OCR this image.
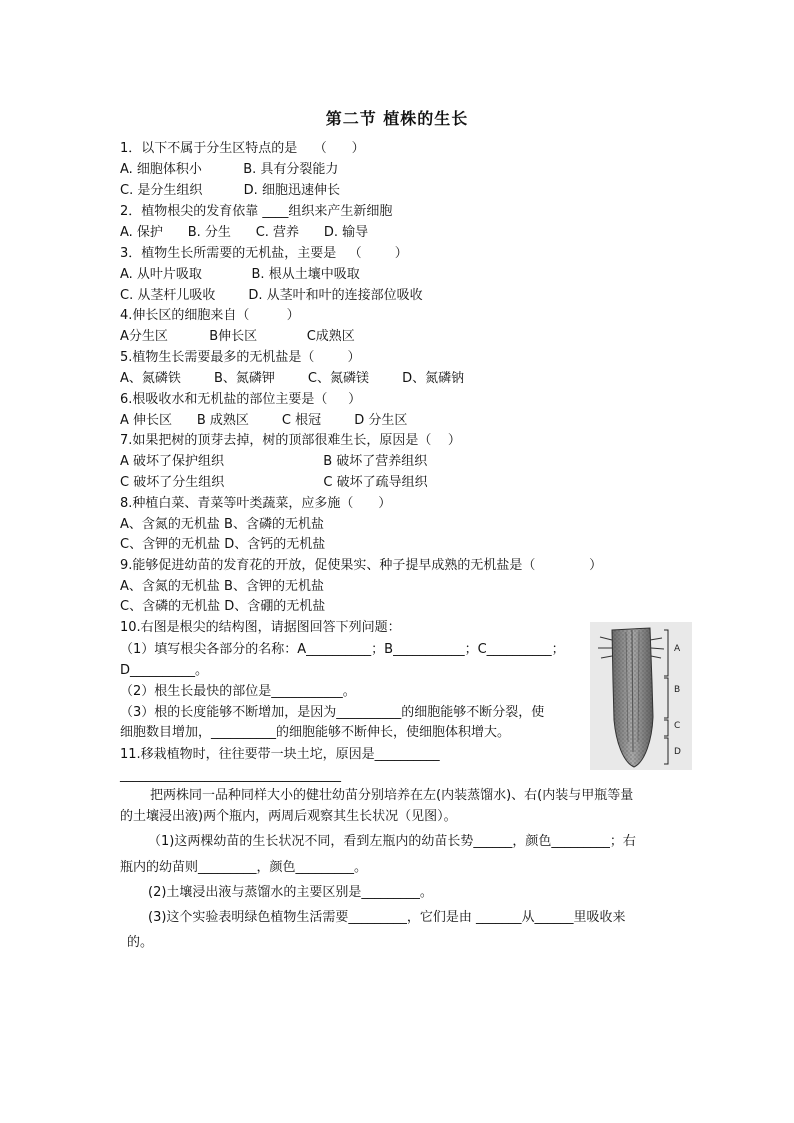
第二节 植株的生长
1．以下不属于分生区特点的是    （      ）
A. 细胞体积小          B. 具有分裂能力
C. 是分生组织          D. 细胞迅速伸长
2．植物根尖的发育依靠 ____组织来产生新细胞
A. 保护      B. 分生      C. 营养      D. 输导
3．植物生长所需要的无机盐，主要是   （        ）
A. 从叶片吸取            B. 根从土壤中吸取
C. 从茎杆儿吸收        D. 从茎叶和叶的连接部位吸收
4.伸长区的细胞来自（         ）
A分生区          B伸长区            C成熟区
5.植物生长需要最多的无机盐是（        ）
A、氮磷铁        B、氮磷钾        C、氮磷镁        D、氮磷钠
6.根吸收水和无机盐的部位主要是（     ）
A 伸长区      B 成熟区        C 根冠        D 分生区
7.如果把树的顶芽去掉，树的顶部很难生长，原因是（    ）
A 破坏了保护组织                        B 破坏了营养组织
C 破坏了分生组织                        C 破坏了疏导组织
8.种植白菜、青菜等叶类蔬菜，应多施（      ）
A、含氮的无机盐 B、含磷的无机盐
C、含钾的无机盐 D、含钙的无机盐
9.能够促进幼苗的发育花的开放，促使果实、种子提早成熟的无机盐是（             ）
A、含氮的无机盐 B、含钾的无机盐
C、含磷的无机盐 D、含硼的无机盐
10.右图是根尖的结构图，请据图回答下列问题：
（1）填写根尖各部分的名称：A__________；B___________；C__________；
D__________。
（2）根生长最快的部位是___________。
（3）根的长度能够不断增加，是因为__________的细胞能够不断分裂，使
细胞数目增加，__________的细胞能够不断伸长，使细胞体积增大。
11.移栽植物时，往往要带一块土坨，原因是__________
__________________________________
把两株同一品种同样大小的健壮幼苗分别培养在左(内装蒸馏水)、右(内装与甲瓶等量
的土壤浸出液)两个瓶内，两周后观察其生长状况（见图）。
（1)这两棵幼苗的生长状况不同，看到左瓶内的幼苗长势______，颜色_________；右
瓶内的幼苗则_________，颜色_________。
(2)土壤浸出液与蒸馏水的主要区别是_________。
(3)这个实验表明绿色植物生活需要_________，它们是由 _______从______里吸收来
的。
A
B
C
D
